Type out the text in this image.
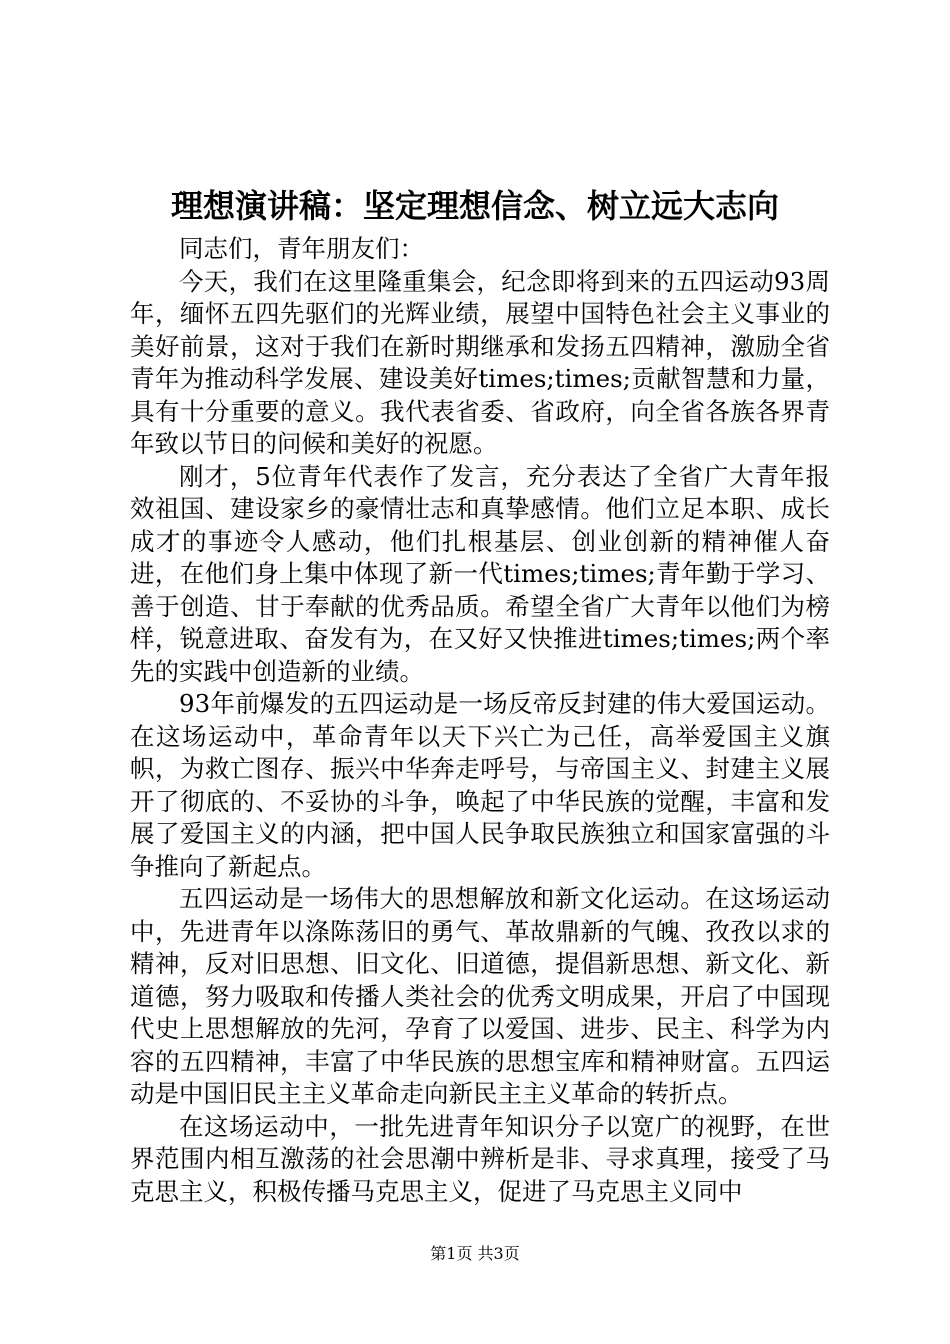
理想演讲稿：坚定理想信念、树立远大志向

同志们，青年朋友们：

今天，我们在这里隆重集会，纪念即将到来的五四运动93周年，缅怀五四先驱们的光辉业绩，展望中国特色社会主义事业的美好前景，这对于我们在新时期继承和发扬五四精神，激励全省青年为推动科学发展、建设美好times;times;贡献智慧和力量，具有十分重要的意义。我代表省委、省政府，向全省各族各界青年致以节日的问候和美好的祝愿。

刚才，5位青年代表作了发言，充分表达了全省广大青年报效祖国、建设家乡的豪情壮志和真挚感情。他们立足本职、成长成才的事迹令人感动，他们扎根基层、创业创新的精神催人奋进，在他们身上集中体现了新一代times;times;青年勤于学习、善于创造、甘于奉献的优秀品质。希望全省广大青年以他们为榜样，锐意进取、奋发有为，在又好又快推进times;times;两个率先的实践中创造新的业绩。

93年前爆发的五四运动是一场反帝反封建的伟大爱国运动。在这场运动中，革命青年以天下兴亡为己任，高举爱国主义旗帜，为救亡图存、振兴中华奔走呼号，与帝国主义、封建主义展开了彻底的、不妥协的斗争，唤起了中华民族的觉醒，丰富和发展了爱国主义的内涵，把中国人民争取民族独立和国家富强的斗争推向了新起点。

五四运动是一场伟大的思想解放和新文化运动。在这场运动中，先进青年以涤陈荡旧的勇气、革故鼎新的气魄、孜孜以求的精神，反对旧思想、旧文化、旧道德，提倡新思想、新文化、新道德，努力吸取和传播人类社会的优秀文明成果，开启了中国现代史上思想解放的先河，孕育了以爱国、进步、民主、科学为内容的五四精神，丰富了中华民族的思想宝库和精神财富。五四运动是中国旧民主主义革命走向新民主主义革命的转折点。

在这场运动中，一批先进青年知识分子以宽广的视野，在世界范围内相互激荡的社会思潮中辨析是非、寻求真理，接受了马克思主义，积极传播马克思主义，促进了马克思主义同中

第1页 共3页
